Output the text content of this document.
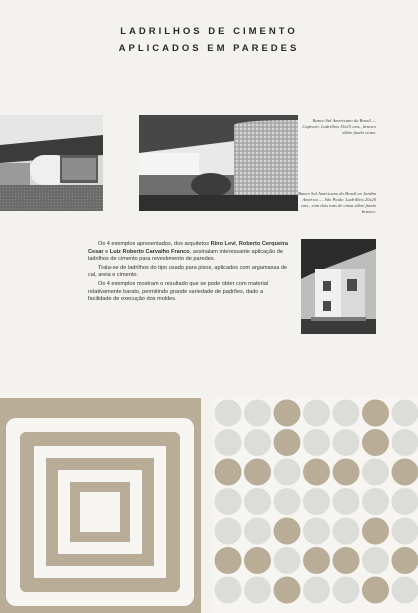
LADRILHOS DE CIMENTO
APLICADOS EM PAREDES
Banco Sul Americano do Brasil — Capivari. Ladrilhos 15x15 cms., branco sôbre fundo cinza.
Banco Sul Americano do Brasil no Jardim América — São Paulo. Ladrilhos 20x20 cms., com dois tons de cinza sôbre fundo branco.

Os 4 exemplos apresentados, dos arquitetos Rino Levi, Roberto Cerqueira Cesar e Luiz Roberto Carvalho Franco, assinalam interessante aplicação de ladrilhos de cimento para revestimento de paredes.

Trata-se de ladrilhos do tipo usado para pisos, aplicados com argamassa de cal, areia e cimento.

Os 4 exemplos mostram o resultado que se pode obter com material relativamente barato, permitindo grande variedade de padrões, dado a facilidade de execução dos moldes.
